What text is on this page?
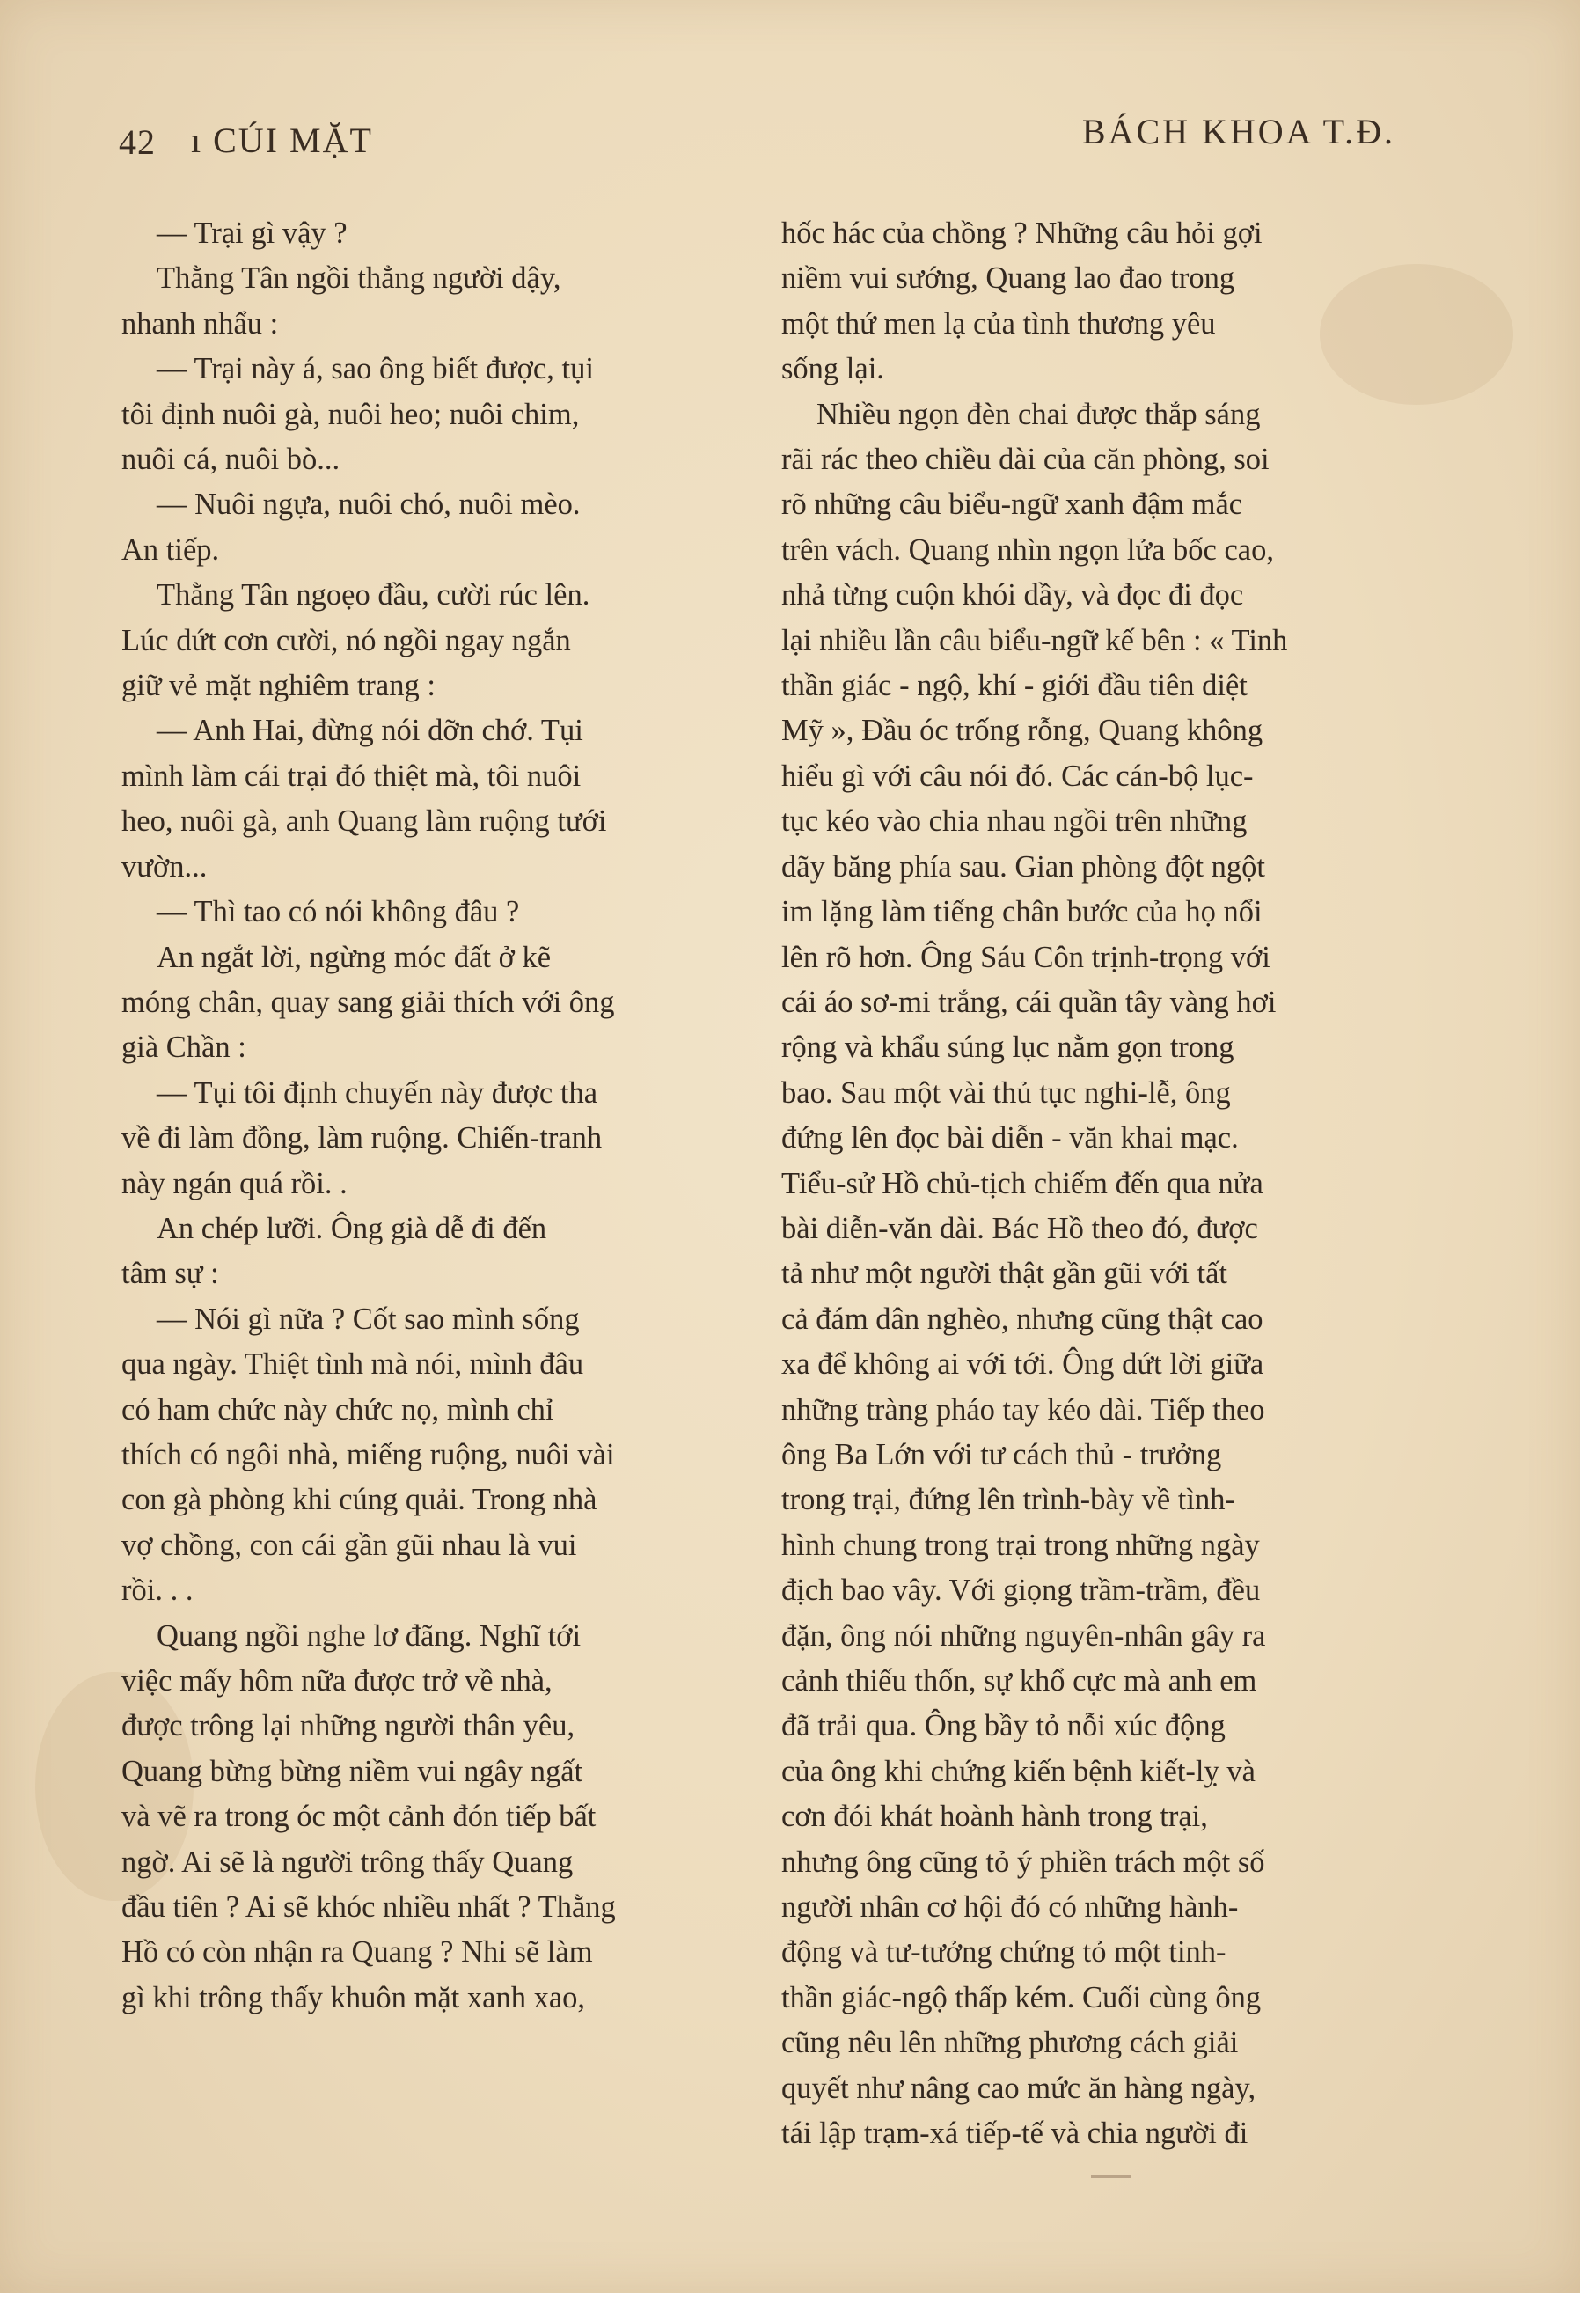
42 ı CÚI MẶT	BÁCH KHOA T.Đ.
— Trại gì vậy ?
Thằng Tân ngồi thẳng người dậy,
nhanh nhẩu :
— Trại này á, sao ông biết được, tụi
tôi định nuôi gà, nuôi heo; nuôi chim,
nuôi cá, nuôi bò...
— Nuôi ngựa, nuôi chó, nuôi mèo.
An tiếp.
Thằng Tân ngoẹo đầu, cười rúc lên.
Lúc dứt cơn cười, nó ngồi ngay ngắn
giữ vẻ mặt nghiêm trang :
— Anh Hai, đừng nói dỡn chớ. Tụi
mình làm cái trại đó thiệt mà, tôi nuôi
heo, nuôi gà, anh Quang làm ruộng tưới
vườn...
— Thì tao có nói không đâu ?
An ngắt lời, ngừng móc đất ở kẽ
móng chân, quay sang giải thích với ông
già Chần :
— Tụi tôi định chuyến này được tha
về đi làm đồng, làm ruộng. Chiến-tranh
này ngán quá rồi. .
An chép lưỡi. Ông già dễ đi đến
tâm sự :
— Nói gì nữa ? Cốt sao mình sống
qua ngày. Thiệt tình mà nói, mình đâu
có ham chức này chức nọ, mình chỉ
thích có ngôi nhà, miếng ruộng, nuôi vài
con gà phòng khi cúng quải. Trong nhà
vợ chồng, con cái gần gũi nhau là vui
rồi. . .
Quang ngồi nghe lơ đãng. Nghĩ tới
việc mấy hôm nữa được trở về nhà,
được trông lại những người thân yêu,
Quang bừng bừng niềm vui ngây ngất
và vẽ ra trong óc một cảnh đón tiếp bất
ngờ. Ai sẽ là người trông thấy Quang
đầu tiên ? Ai sẽ khóc nhiều nhất ? Thằng
Hồ có còn nhận ra Quang ? Nhi sẽ làm
gì khi trông thấy khuôn mặt xanh xao,
hốc hác của chồng ? Những câu hỏi gợi
niềm vui sướng, Quang lao đao trong
một thứ men lạ của tình thương yêu
sống lại.
Nhiều ngọn đèn chai được thắp sáng
rãi rác theo chiều dài của căn phòng, soi
rõ những câu biểu-ngữ xanh đậm mắc
trên vách. Quang nhìn ngọn lửa bốc cao,
nhả từng cuộn khói dầy, và đọc đi đọc
lại nhiều lần câu biểu-ngữ kế bên : « Tinh
thần giác - ngộ, khí - giới đầu tiên diệt
Mỹ », Đầu óc trống rỗng, Quang không
hiểu gì với câu nói đó. Các cán-bộ lục-
tục kéo vào chia nhau ngồi trên những
dãy băng phía sau. Gian phòng đột ngột
im lặng làm tiếng chân bước của họ nổi
lên rõ hơn. Ông Sáu Côn trịnh-trọng với
cái áo sơ-mi trắng, cái quần tây vàng hơi
rộng và khẩu súng lục nằm gọn trong
bao. Sau một vài thủ tục nghi-lễ, ông
đứng lên đọc bài diễn - văn khai mạc.
Tiểu-sử Hồ chủ-tịch chiếm đến qua nửa
bài diễn-văn dài. Bác Hồ theo đó, được
tả như một người thật gần gũi với tất
cả đám dân nghèo, nhưng cũng thật cao
xa để không ai với tới. Ông dứt lời giữa
những tràng pháo tay kéo dài. Tiếp theo
ông Ba Lớn với tư cách thủ - trưởng
trong trại, đứng lên trình-bày về tình-
hình chung trong trại trong những ngày
địch bao vây. Với giọng trầm-trầm, đều
đặn, ông nói những nguyên-nhân gây ra
cảnh thiếu thốn, sự khổ cực mà anh em
đã trải qua. Ông bầy tỏ nỗi xúc động
của ông khi chứng kiến bệnh kiết-lỵ và
cơn đói khát hoành hành trong trại,
nhưng ông cũng tỏ ý phiền trách một số
người nhân cơ hội đó có những hành-
động và tư-tưởng chứng tỏ một tinh-
thần giác-ngộ thấp kém. Cuối cùng ông
cũng nêu lên những phương cách giải
quyết như nâng cao mức ăn hàng ngày,
tái lập trạm-xá tiếp-tế và chia người đi
